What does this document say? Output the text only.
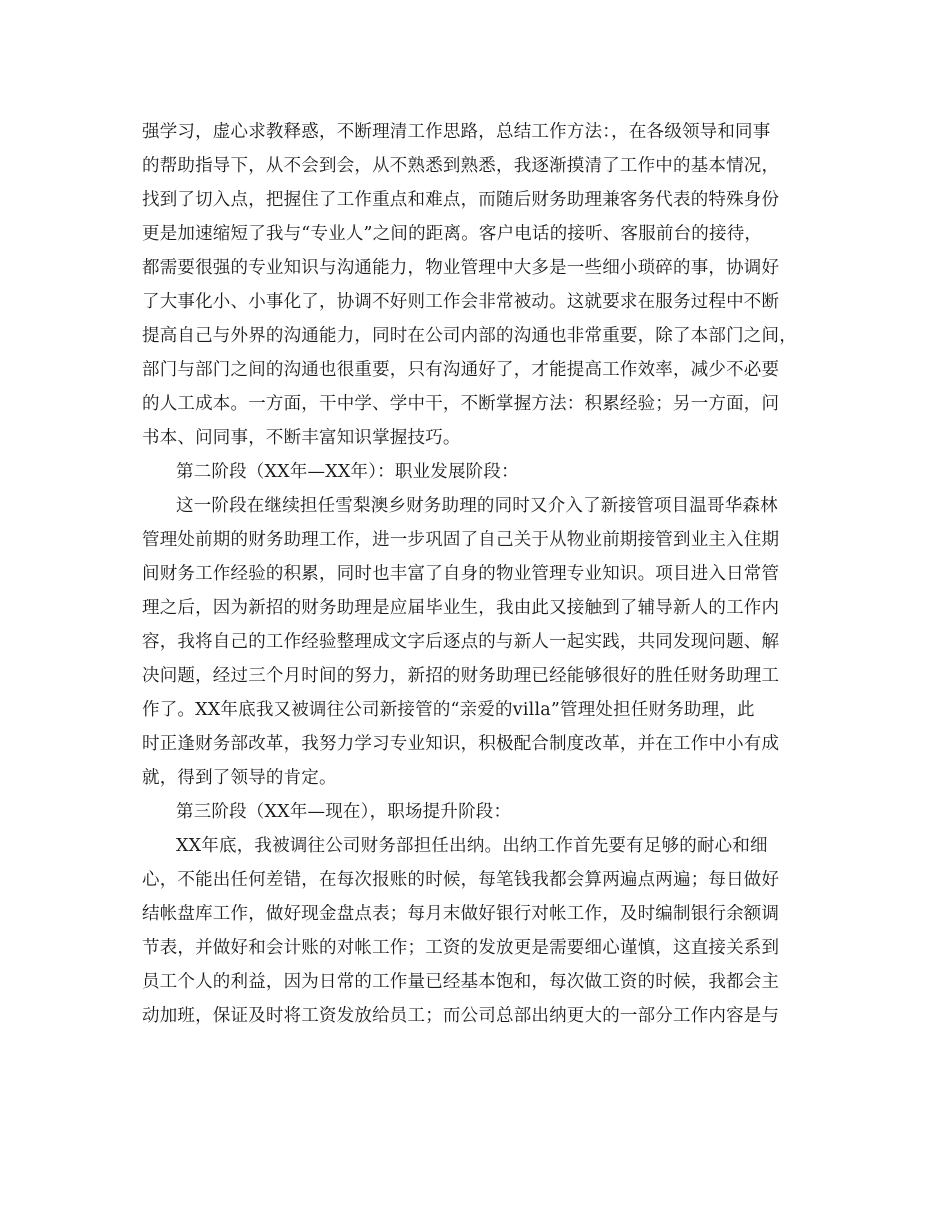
强学习，虚心求教释惑，不断理清工作思路，总结工作方法：，在各级领导和同事
的帮助指导下，从不会到会，从不熟悉到熟悉，我逐渐摸清了工作中的基本情况，
找到了切入点，把握住了工作重点和难点，而随后财务助理兼客务代表的特殊身份
更是加速缩短了我与“专业人”之间的距离。客户电话的接听、客服前台的接待，
都需要很强的专业知识与沟通能力，物业管理中大多是一些细小琐碎的事，协调好
了大事化小、小事化了，协调不好则工作会非常被动。这就要求在服务过程中不断
提高自己与外界的沟通能力，同时在公司内部的沟通也非常重要，除了本部门之间，
部门与部门之间的沟通也很重要，只有沟通好了，才能提高工作效率，减少不必要
的人工成本。一方面，干中学、学中干，不断掌握方法：积累经验；另一方面，问
书本、问同事，不断丰富知识掌握技巧。
第二阶段（XX年—XX年）：职业发展阶段：
这一阶段在继续担任雪梨澳乡财务助理的同时又介入了新接管项目温哥华森林
管理处前期的财务助理工作，进一步巩固了自己关于从物业前期接管到业主入住期
间财务工作经验的积累，同时也丰富了自身的物业管理专业知识。项目进入日常管
理之后，因为新招的财务助理是应届毕业生，我由此又接触到了辅导新人的工作内
容，我将自己的工作经验整理成文字后逐点的与新人一起实践，共同发现问题、解
决问题，经过三个月时间的努力，新招的财务助理已经能够很好的胜任财务助理工
作了。XX年底我又被调往公司新接管的“亲爱的villa”管理处担任财务助理，此
时正逢财务部改革，我努力学习专业知识，积极配合制度改革，并在工作中小有成
就，得到了领导的肯定。
第三阶段（XX年—现在），职场提升阶段：
XX年底，我被调往公司财务部担任出纳。出纳工作首先要有足够的耐心和细
心，不能出任何差错，在每次报账的时候，每笔钱我都会算两遍点两遍；每日做好
结帐盘库工作，做好现金盘点表；每月末做好银行对帐工作，及时编制银行余额调
节表，并做好和会计账的对帐工作；工资的发放更是需要细心谨慎，这直接关系到
员工个人的利益，因为日常的工作量已经基本饱和，每次做工资的时候，我都会主
动加班，保证及时将工资发放给员工；而公司总部出纳更大的一部分工作内容是与
